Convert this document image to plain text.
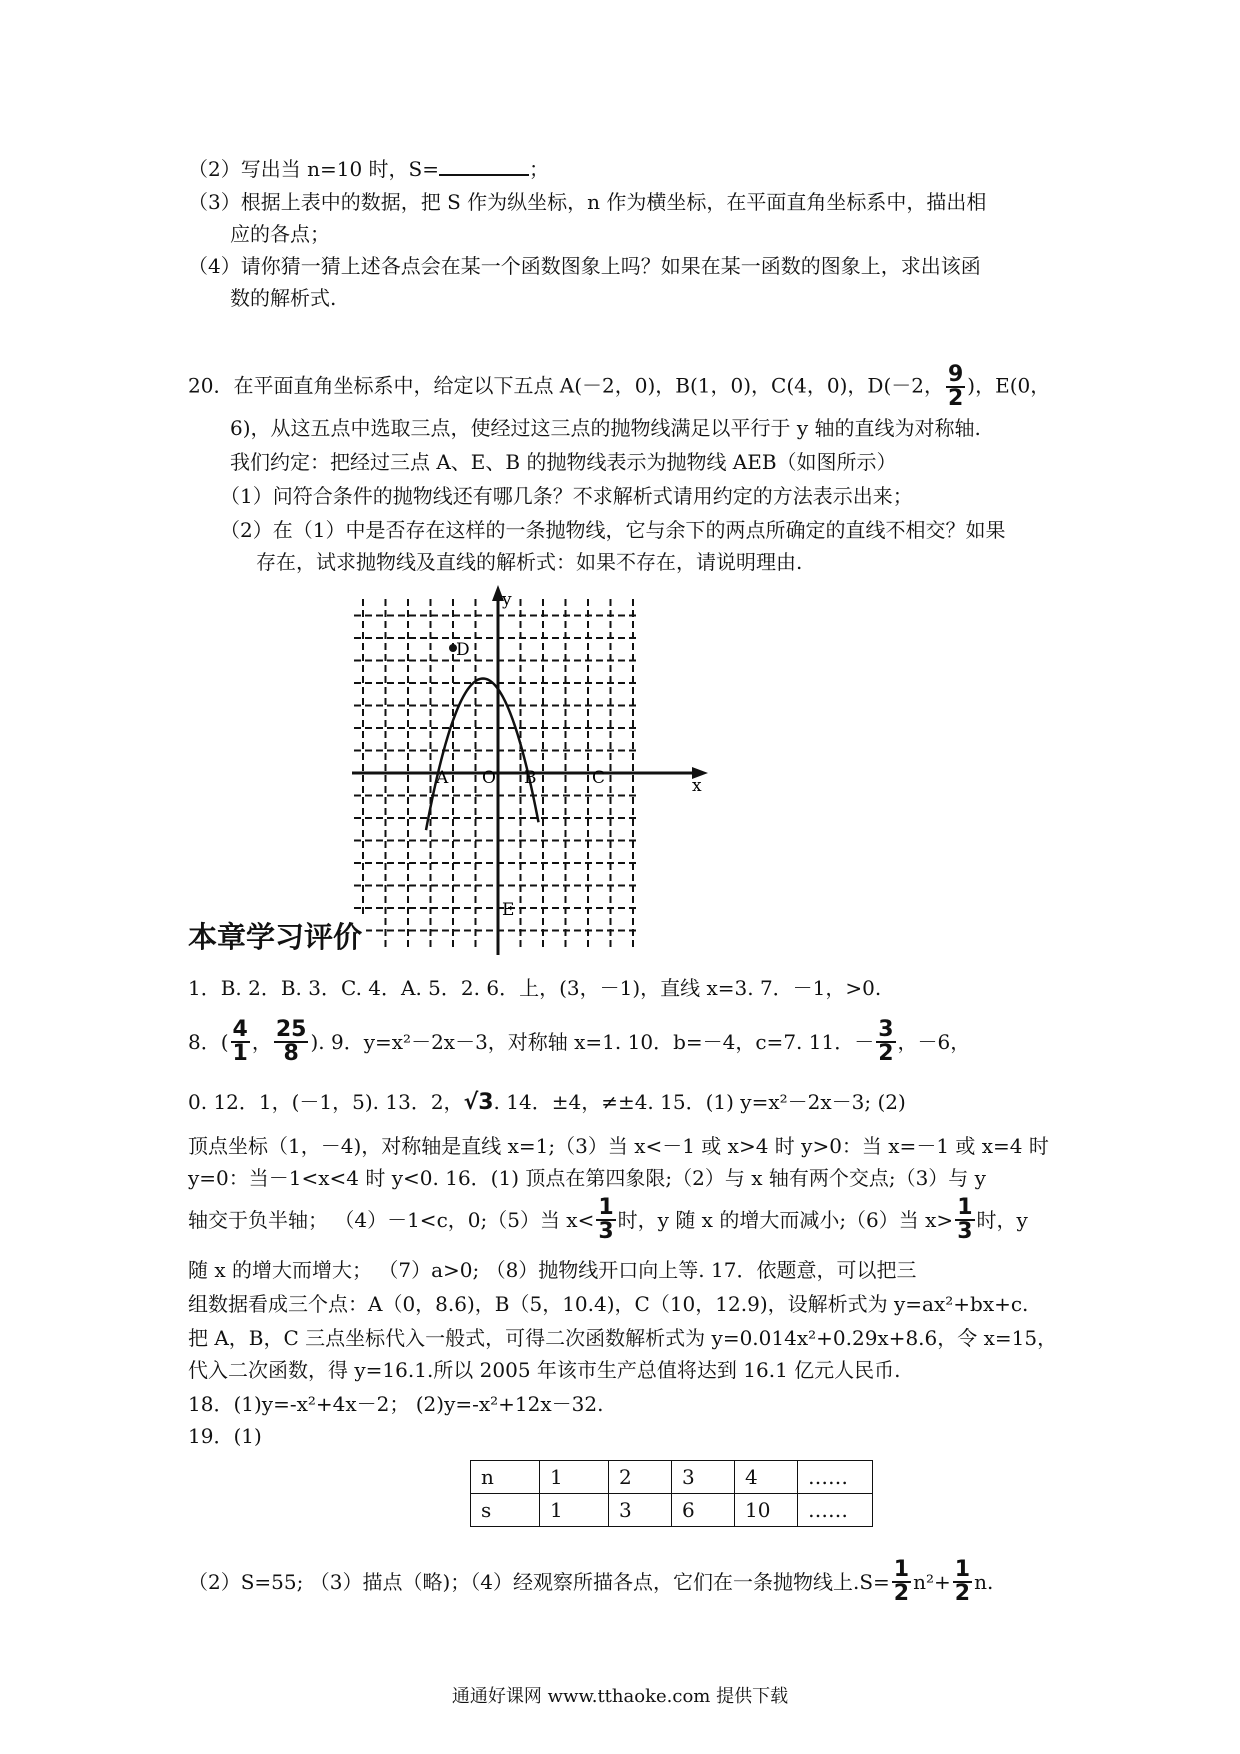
（2）写出当 n=10 时，S=	；
（3）根据上表中的数据，把 S 作为纵坐标，n 作为横坐标，在平面直角坐标系中，描出相
应的各点；
（4）请你猜一猜上述各点会在某一个函数图象上吗？如果在某一函数的图象上，求出该函
数的解析式.
20．在平面直角坐标系中，给定以下五点 A(－2，0)，B(1，0)，C(4，0)，D(－2， $\frac{9}{2}$ )，E(0，
6)，从这五点中选取三点，使经过这三点的抛物线满足以平行于 y 轴的直线为对称轴.
我们约定：把经过三点 A、E、B 的抛物线表示为抛物线 AEB（如图所示）
（1）问符合条件的抛物线还有哪几条？不求解析式请用约定的方法表示出来；
（2）在（1）中是否存在这样的一条抛物线，它与余下的两点所确定的直线不相交？如果
存在，试求抛物线及直线的解析式：如果不存在，请说明理由.
y
x
D
A O B	C
E
本章学习评价
1．B. 2．B. 3．C. 4．A. 5．2. 6．上，(3，－1)，直线 x=3. 7．－1，>0.
8．( $\frac{4}{1}$ ， $\frac{25}{8}$ ). 9．y=x²－2x－3，对称轴 x=1. 10．b=－4，c=7. 11．－ $\frac{3}{2}$ ，－6，
0. 12．1，(－1，5). 13．2，√3. 14．±4，≠±4. 15．(1) y=x²－2x－3; (2)
顶点坐标（1，－4)，对称轴是直线 x=1;（3）当 x<－1 或 x>4 时 y>0：当 x=－1 或 x=4 时
y=0：当－1<x<4 时 y<0. 16．(1) 顶点在第四象限;（2）与 x 轴有两个交点;（3）与 y
轴交于负半轴； （4）－1<c，0;（5）当 $x< \frac{1}{3}$ 时，y 随 x 的增大而减小;（6）当 $x> \frac{1}{3}$ 时，y
随 x 的增大而增大； （7）a>0; （8）抛物线开口向上等. 17．依题意，可以把三
组数据看成三个点：A（0，8.6)，B（5，10.4)，C（10，12.9)，设解析式为 y=ax²+bx+c.
把 A，B，C 三点坐标代入一般式，可得二次函数解析式为 y=0.014x²+0.29x+8.6，令 x=15，
代入二次函数，得 y=16.1.所以 2005 年该市生产总值将达到 16.1 亿元人民币.
18．(1)y=-x²+4x－2； (2)y=-x²+12x－32.
19．(1)
n	1	2	3	4	……
s	1	3	6	10	……
（2）S=55; （3）描点（略)；（4）经观察所描各点，它们在一条抛物线上$.S= \frac{1}{2} n^2+ \frac{1}{2} n$.
通通好课网 www.tthaoke.com 提供下载
